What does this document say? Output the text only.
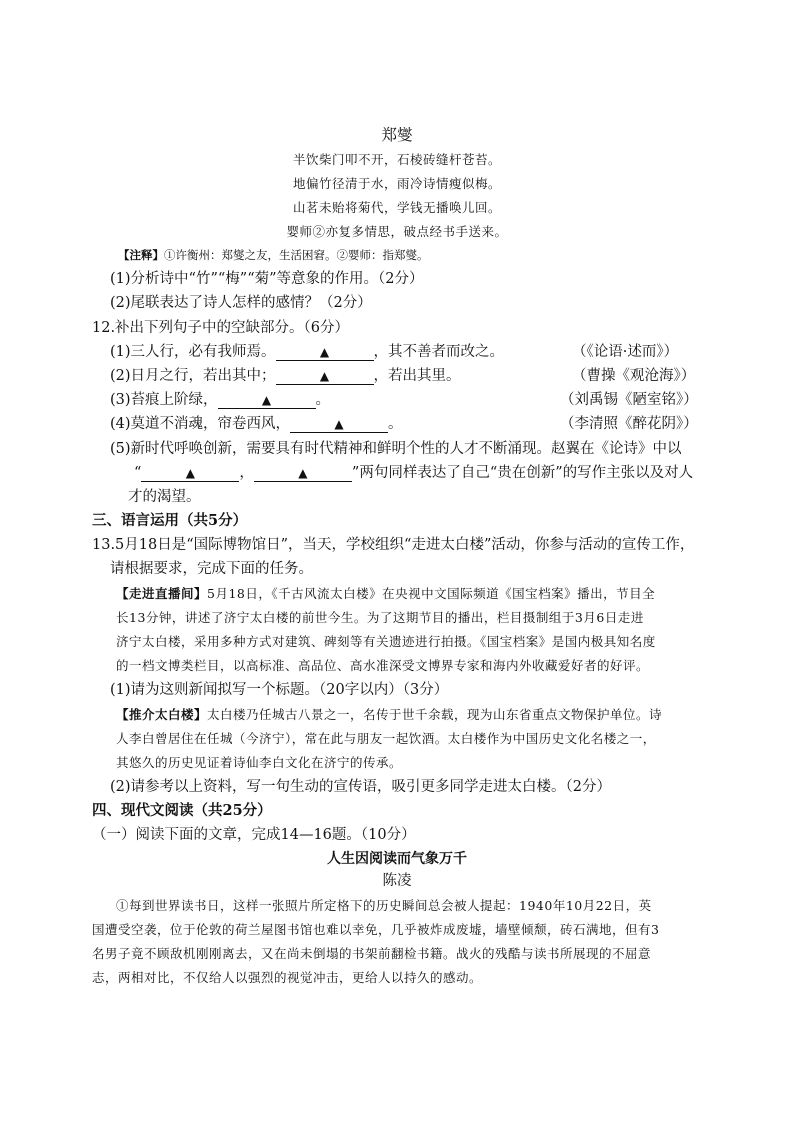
郑燮
半饮柴门叩不开，石棱砖缝杆苍苔。
地偏竹径清于水，雨冷诗情瘦似梅。
山茗未贻将菊代，学钱无播唤儿回。
婴师②亦复多情思，破点经书手送来。
【注释】①许衡州：郑燮之友，生活困窘。②婴师：指郑燮。
(1)分析诗中“竹”“梅”“菊”等意象的作用。（2分）
(2)尾联表达了诗人怎样的感情？（2分）
12.补出下列句子中的空缺部分。（6分）
(1)三人行，必有我师焉。	▲	，其不善者而改之。	（《论语·述而》）
(2)日月之行，若出其中；	▲	，若出其里。	（曹操《观沧海》）
(3)苔痕上阶绿，	▲	。	（刘禹锡《陋室铭》）
(4)莫道不消魂，帘卷西风，	▲	。	（李清照《醉花阴》）
(5)新时代呼唤创新，需要具有时代精神和鲜明个性的人才不断涌现。赵翼在《论诗》中以
“	▲	，	▲	”两句同样表达了自己“贵在创新”的写作主张以及对人
才的渴望。
三、语言运用（共5分）
13.5月18日是“国际博物馆日”，当天，学校组织“走进太白楼”活动，你参与活动的宣传工作，
请根据要求，完成下面的任务。
【走进直播间】5月18日，《千古风流太白楼》在央视中文国际频道《国宝档案》播出，节目全
长13分钟，讲述了济宁太白楼的前世今生。为了这期节目的播出，栏目摄制组于3月6日走进
济宁太白楼，采用多种方式对建筑、碑刻等有关遗迹进行拍摄。《国宝档案》是国内极具知名度
的一档文博类栏目，以高标准、高品位、高水准深受文博界专家和海内外收藏爱好者的好评。
(1)请为这则新闻拟写一个标题。（20字以内）（3分）
【推介太白楼】太白楼乃任城古八景之一，名传于世千余载，现为山东省重点文物保护单位。诗
人李白曾居住在任城（今济宁），常在此与朋友一起饮酒。太白楼作为中国历史文化名楼之一，
其悠久的历史见证着诗仙李白文化在济宁的传承。
(2)请参考以上资料，写一句生动的宣传语，吸引更多同学走进太白楼。（2分）
四、现代文阅读（共25分）
（一）阅读下面的文章，完成14—16题。（10分）
人生因阅读而气象万千
陈凌
①每到世界读书日，这样一张照片所定格下的历史瞬间总会被人提起：1940年10月22日，英
国遭受空袭，位于伦敦的荷兰屋图书馆也难以幸免，几乎被炸成废墟，墙壁倾颓，砖石满地，但有3
名男子竟不顾敌机刚刚离去，又在尚未倒塌的书架前翻检书籍。战火的残酷与读书所展现的不屈意
志，两相对比，不仅给人以强烈的视觉冲击，更给人以持久的感动。
